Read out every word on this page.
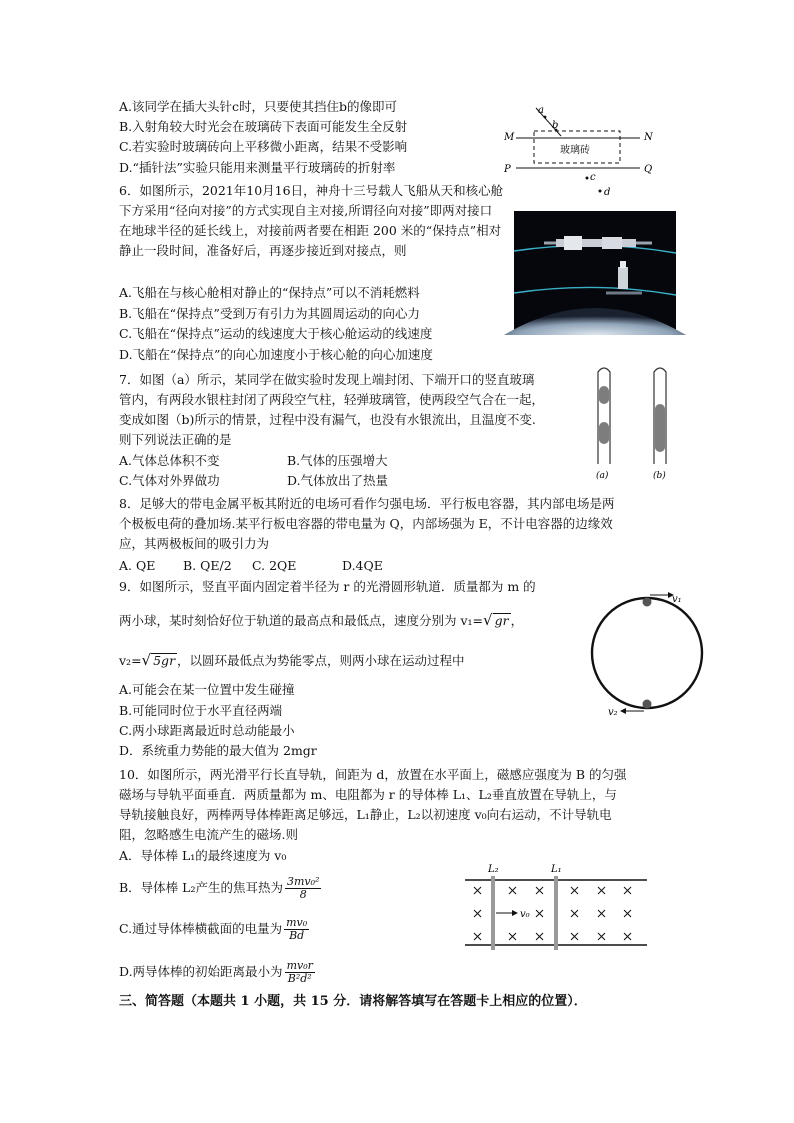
A.该同学在插大头针c时，只要使其挡住b的像即可
B.入射角较大时光会在玻璃砖下表面可能发生全反射
C.若实验时玻璃砖向上平移微小距离，结果不受影响
D.“插针法”实验只能用来测量平行玻璃砖的折射率
a
b
c
d
M	N
P	Q
玻璃砖
6．如图所示，2021年10月16日，神舟十三号载人飞船从天和核心舱下方采用“径向对接”的方式实现自主对接,所谓径向对接”即两对接口在地球半径的延长线上，对接前两者要在相距 200 米的“保持点”相对静止一段时间，准备好后，再逐步接近到对接点，则
A.飞船在与核心舱相对静止的“保持点”可以不消耗燃料
B.飞船在“保持点”受到万有引力为其圆周运动的向心力
C.飞船在“保持点”运动的线速度大于核心舱运动的线速度
D.飞船在“保持点”的向心加速度小于核心舱的向心加速度
7．如图（a）所示，某同学在做实验时发现上端封闭、下端开口的竖直玻璃
管内，有两段水银柱封闭了两段空气柱，轻弹玻璃管，使两段空气合在一起，
变成如图（b)所示的情景，过程中没有漏气，也没有水银流出，且温度不变.
则下列说法正确的是
A.气体总体积不变	B.气体的压强增大
C.气体对外界做功	D.气体放出了热量	(a)	(b)
8．足够大的带电金属平板其附近的电场可看作匀强电场．平行板电容器，其内部电场是两
个极板电荷的叠加场.某平行板电容器的带电量为 Q，内部场强为 E，不计电容器的边缘效
应，其两极板间的吸引力为
A. QE B. QE/2 C. 2QE	D.4QE
9．如图所示，竖直平面内固定着半径为 r 的光滑圆形轨道．质量都为 m 的
两小球，某时刻恰好位于轨道的最高点和最低点，速度分别为 v₁=√ gr ，
v₂=√ 5gr ，以圆环最低点为势能零点，则两小球在运动过程中
A.可能会在某一位置中发生碰撞
B.可能同时位于水平直径两端
C.两小球距离最近时总动能最小
D．系统重力势能的最大值为 2mgr
v₁
v₂
10．如图所示，两光滑平行长直导轨，间距为 d，放置在水平面上，磁感应强度为 B 的匀强
磁场与导轨平面垂直．两质量都为 m、电阻都为 r 的导体棒 L₁、L₂垂直放置在导轨上，与
导轨接触良好，两棒两导体棒距离足够远，L₁静止，L₂以初速度 v₀向右运动，不计导轨电
阻，忽略感生电流产生的磁场.则
A．导体棒 L₁的最终速度为 v₀
B．导体棒 L₂产生的焦耳热为 $\frac{\text{3mv₀²}}{8}$
C.通过导体棒横截面的电量为 $\frac{\text{mv₀}}{Bd}$
D.两导体棒的初始距离最小为 $\frac{\text{mv₀r}}{\text{B²d²}}$
v₀
L₂	L₁
三、简答题（本题共 1 小题，共 15 分．请将解答填写在答题卡上相应的位置）．
